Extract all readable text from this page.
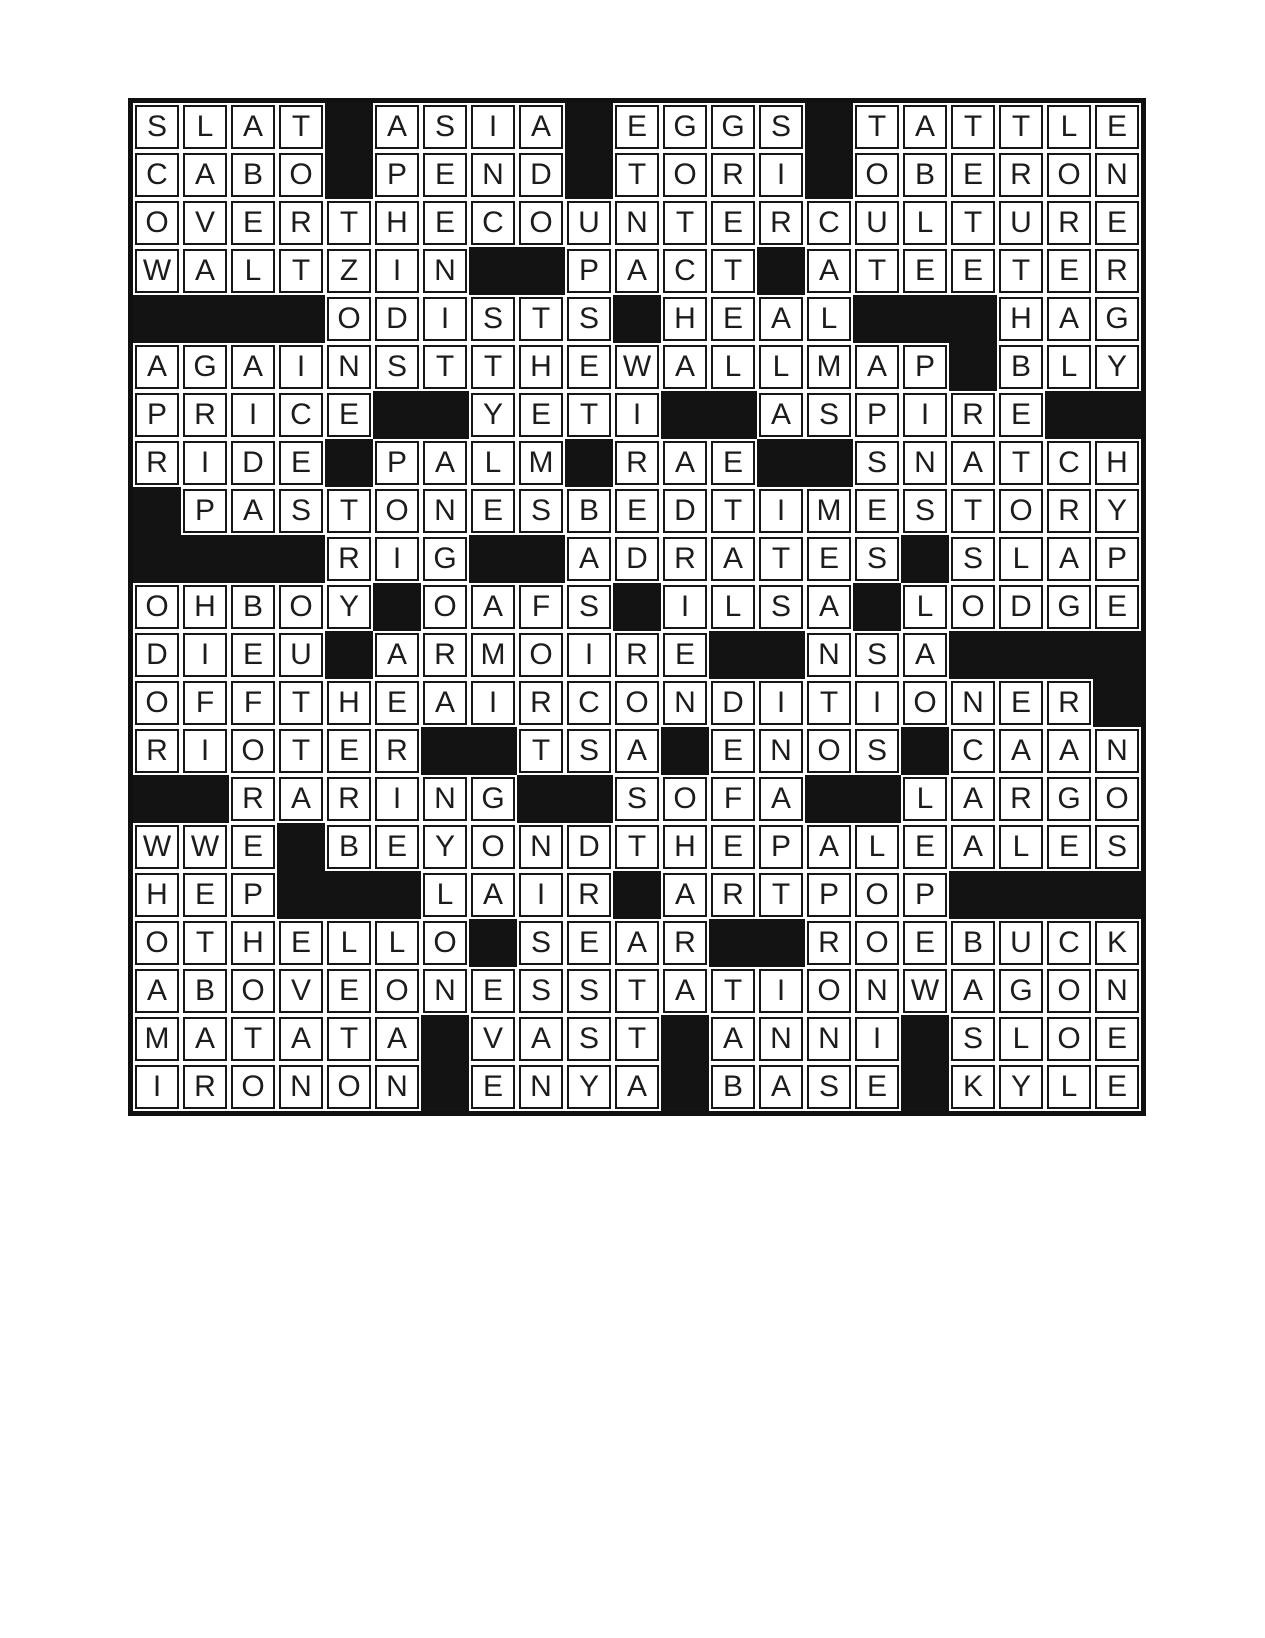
S L A T	A S I A	E G G S	T A T T L E
C A B O P E N D	T O R I	O B E R O N
O V E R T H E C O U N T E R C U L T U R E
W A L T Z I N	P A C T	A T E E T E R
O D I S T S	H E A L	H A G
A G A I N S T T H E W A L L M A P	B L Y
P R I C E	Y E T I	A S P I R E
R I D E	P A L M R A E	S N A T C H
P A S T O N E S B E D T I M E S T O R Y
R I G	A D R A T E S	S L A P
O H B O Y O A F S	I L S A	L O D G E
D I E U	A R M O I R E	N S A
O F F T H E A I R C O N D I T I O N E R
R I O T E R	T S A	E N O S	C A A N
R A R I N G	S O F A	L A R G O
W W E	B E Y O N D T H E P A L E A L E S
H E P	L A I R	A R T P O P
O T H E L L O S E A R	R O E B U C K
A B O V E O N E S S T A T I O N W A G O N
M A T A T A	V A S T	A N N I	S L O E
I R O N O N	E N Y A	B A S E	K Y L E
